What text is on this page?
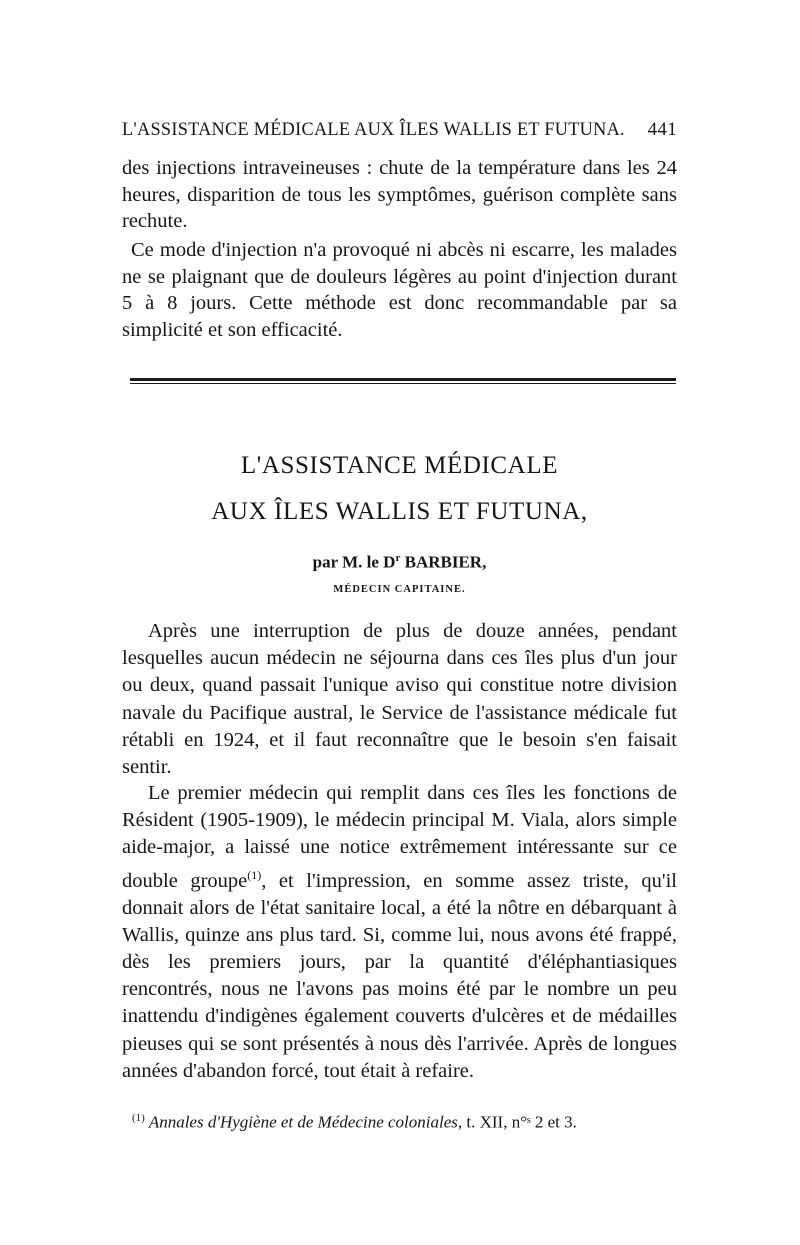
L'ASSISTANCE MÉDICALE AUX ÎLES WALLIS ET FUTUNA. 441

des injections intraveineuses : chute de la température dans les 24 heures, disparition de tous les symptômes, guérison complète sans rechute.

Ce mode d'injection n'a provoqué ni abcès ni escarre, les malades ne se plaignant que de douleurs légères au point d'injection durant 5 à 8 jours. Cette méthode est donc recommandable par sa simplicité et son efficacité.

L'ASSISTANCE MÉDICALE
AUX ÎLES WALLIS ET FUTUNA,
par M. le $D^r$ BARBIER,
MÉDECIN CAPITAINE.

Après une interruption de plus de douze années, pendant lesquelles aucun médecin ne séjourna dans ces îles plus d'un jour ou deux, quand passait l'unique aviso qui constitue notre division navale du Pacifique austral, le Service de l'assistance médicale fut rétabli en 1924, et il faut reconnaître que le besoin s'en faisait sentir.

Le premier médecin qui remplit dans ces îles les fonctions de Résident (1905-1909), le médecin principal M. Viala, alors simple aide-major, a laissé une notice extrêmement intéressante sur ce double groupe$^{(1)}$, et l'impression, en somme assez triste, qu'il donnait alors de l'état sanitaire local, a été la nôtre en débarquant à Wallis, quinze ans plus tard. Si, comme lui, nous avons été frappé, dès les premiers jours, par la quantité d'éléphantiasiques rencontrés, nous ne l'avons pas moins été par le nombre un peu inattendu d'indigènes également couverts d'ulcères et de médailles pieuses qui se sont présentés à nous dès l'arrivée. Après de longues années d'abandon forcé, tout était à refaire.

$^{(1)}$ Annales d'Hygiène et de Médecine coloniales, t. XII, n°ˢ 2 et 3.
